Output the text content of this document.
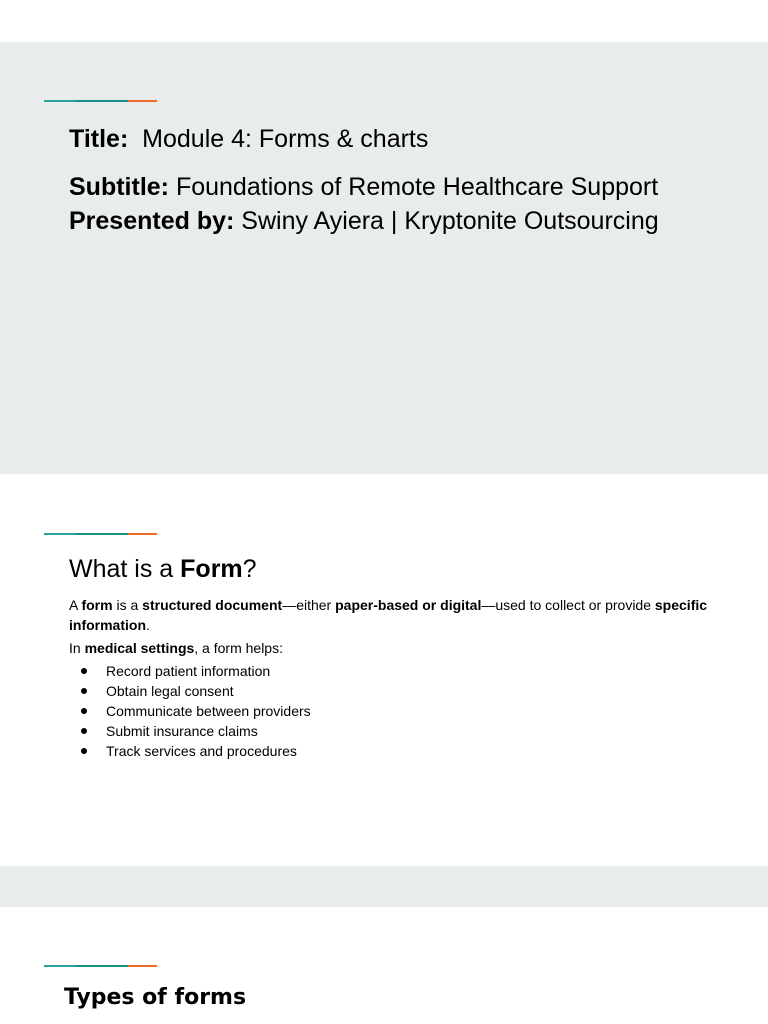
Title: Module 4: Forms & charts
Subtitle: Foundations of Remote Healthcare Support
Presented by: Swiny Ayiera | Kryptonite Outsourcing
What is a Form?

A form is a structured document—either paper-based or digital—used to collect or provide specific information.

In medical settings, a form helps:

Record patient information
Obtain legal consent
Communicate between providers
Submit insurance claims
Track services and procedures
Types of forms
